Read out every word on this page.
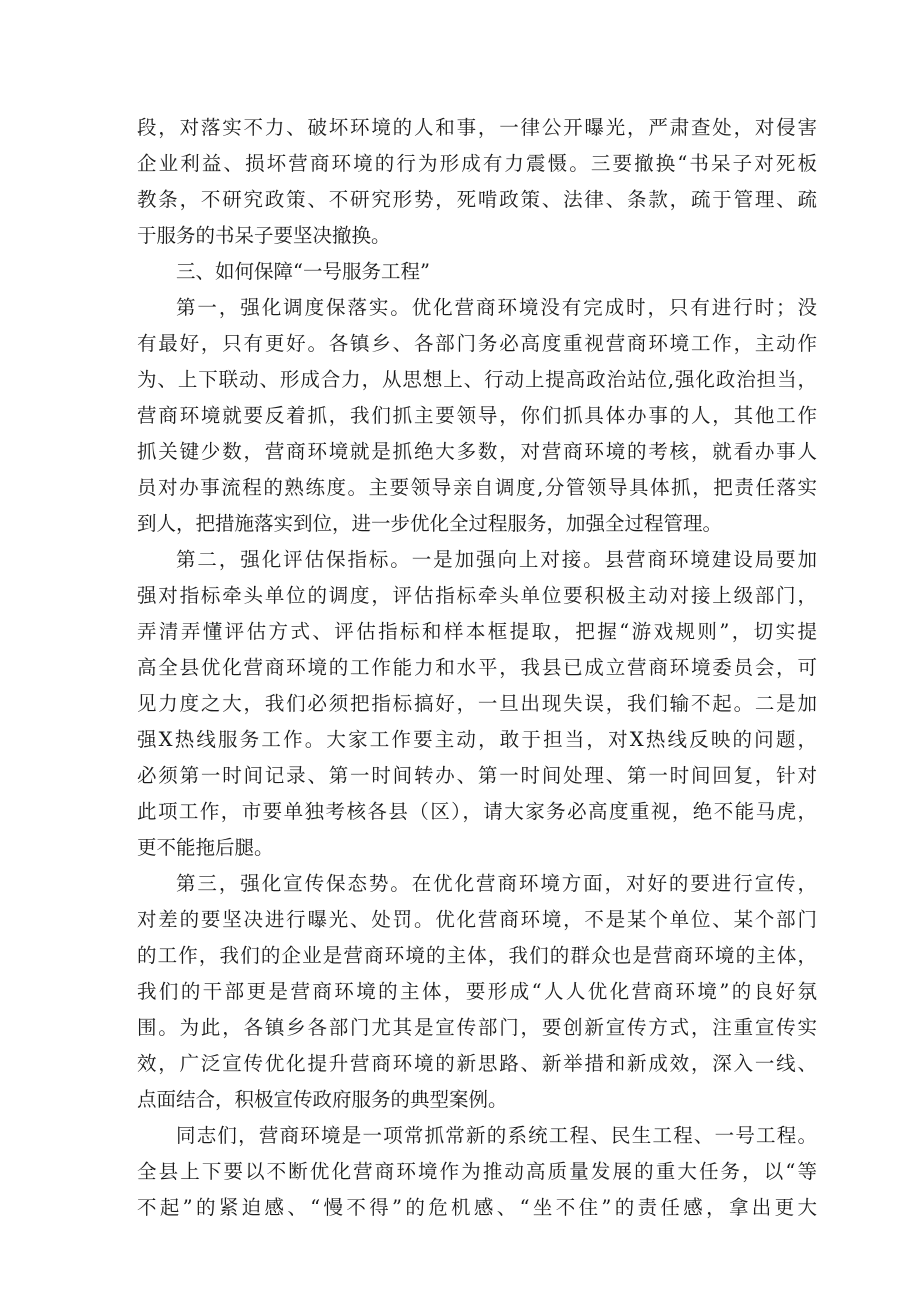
段，对落实不力、破坏环境的人和事，一律公开曝光，严肃查处，对侵害
企业利益、损坏营商环境的行为形成有力震慑。三要撤换“书呆子对死板
教条，不研究政策、不研究形势，死啃政策、法律、条款，疏于管理、疏
于服务的书呆子要坚决撤换。
三、如何保障“一号服务工程”
第一，强化调度保落实。优化营商环境没有完成时，只有进行时；没
有最好，只有更好。各镇乡、各部门务必高度重视营商环境工作，主动作
为、上下联动、形成合力，从思想上、行动上提高政治站位,强化政治担当，
营商环境就要反着抓，我们抓主要领导，你们抓具体办事的人，其他工作
抓关键少数，营商环境就是抓绝大多数，对营商环境的考核，就看办事人
员对办事流程的熟练度。主要领导亲自调度,分管领导具体抓，把责任落实
到人，把措施落实到位，进一步优化全过程服务，加强全过程管理。
第二，强化评估保指标。一是加强向上对接。县营商环境建设局要加
强对指标牵头单位的调度，评估指标牵头单位要积极主动对接上级部门，
弄清弄懂评估方式、评估指标和样本框提取，把握“游戏规则”，切实提
高全县优化营商环境的工作能力和水平，我县已成立营商环境委员会，可
见力度之大，我们必须把指标搞好，一旦出现失误，我们输不起。二是加
强X热线服务工作。大家工作要主动，敢于担当，对X热线反映的问题，
必须第一时间记录、第一时间转办、第一时间处理、第一时间回复，针对
此项工作，市要单独考核各县（区），请大家务必高度重视，绝不能马虎，
更不能拖后腿。
第三，强化宣传保态势。在优化营商环境方面，对好的要进行宣传，
对差的要坚决进行曝光、处罚。优化营商环境，不是某个单位、某个部门
的工作，我们的企业是营商环境的主体，我们的群众也是营商环境的主体，
我们的干部更是营商环境的主体，要形成“人人优化营商环境”的良好氛
围。为此，各镇乡各部门尤其是宣传部门，要创新宣传方式，注重宣传实
效，广泛宣传优化提升营商环境的新思路、新举措和新成效，深入一线、
点面结合，积极宣传政府服务的典型案例。
同志们，营商环境是一项常抓常新的系统工程、民生工程、一号工程。
全县上下要以不断优化营商环境作为推动高质量发展的重大任务，以“等
不起”的紧迫感、“慢不得”的危机感、“坐不住”的责任感，拿出更大
